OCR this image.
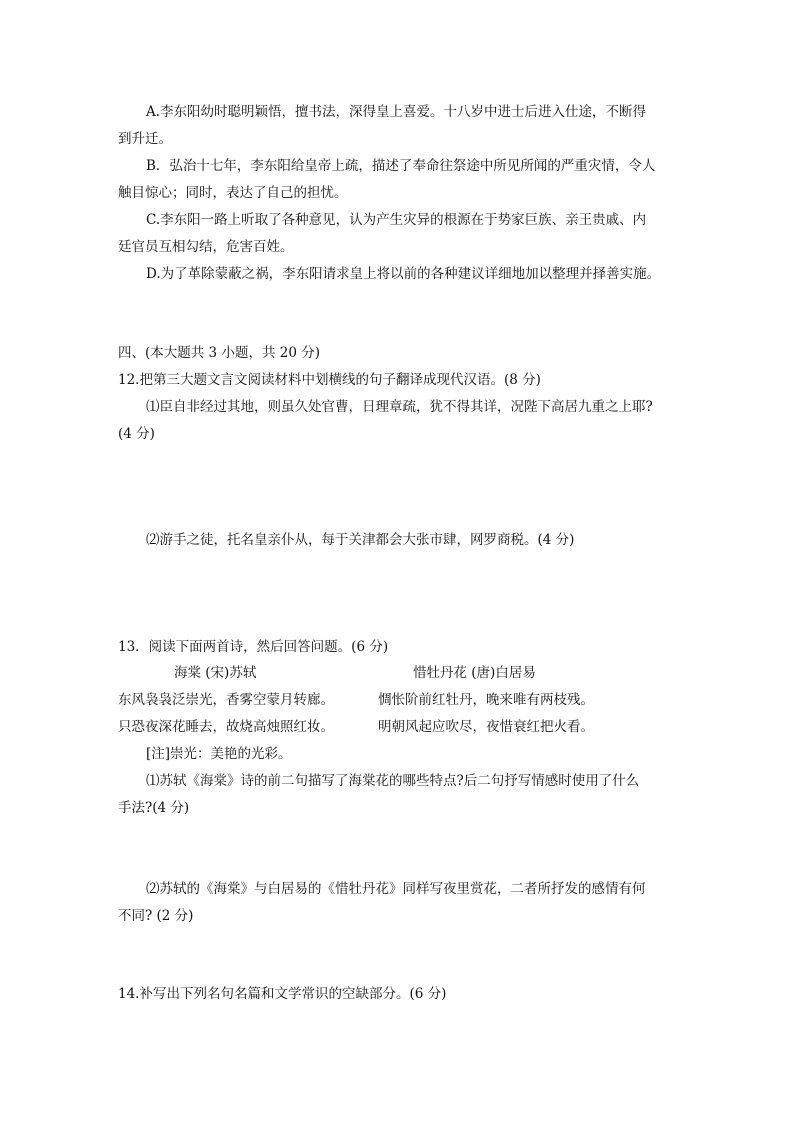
A.李东阳幼时聪明颖悟，擅书法，深得皇上喜爱。十八岁中进士后进入仕途，不断得
到升迁。
B．弘治十七年，李东阳给皇帝上疏，描述了奉命往祭途中所见所闻的严重灾情，令人
触目惊心；同时，表达了自己的担忧。
C.李东阳一路上听取了各种意见，认为产生灾异的根源在于势家巨族、亲王贵戚、内
廷官员互相勾结，危害百姓。
D.为了革除蒙蔽之祸，李东阳请求皇上将以前的各种建议详细地加以整理并择善实施。
四、(本大题共 3 小题，共 20 分)
12.把第三大题文言文阅读材料中划横线的句子翻译成现代汉语。(8 分)
⑴臣自非经过其地，则虽久处官曹，日理章疏，犹不得其详，况陛下高居九重之上耶?
(4 分)
⑵游手之徒，托名皇亲仆从，每于关津都会大张市肆，网罗商税。(4 分)
13．阅读下面两首诗，然后回答问题。(6 分)
海棠 (宋)苏轼	惜牡丹花 (唐)白居易
东风袅袅泛崇光，香雾空蒙月转廊。	惆怅阶前红牡丹，晚来唯有两枝残。
只恐夜深花睡去，故烧高烛照红妆。	明朝风起应吹尽，夜惜衰红把火看。
[注]崇光：美艳的光彩。
⑴苏轼《海棠》诗的前二句描写了海棠花的哪些特点?后二句抒写情感时使用了什么
手法?(4 分)
⑵苏轼的《海棠》与白居易的《惜牡丹花》同样写夜里赏花，二者所抒发的感情有何
不同? (2 分)
14.补写出下列名句名篇和文学常识的空缺部分。(6 分)
